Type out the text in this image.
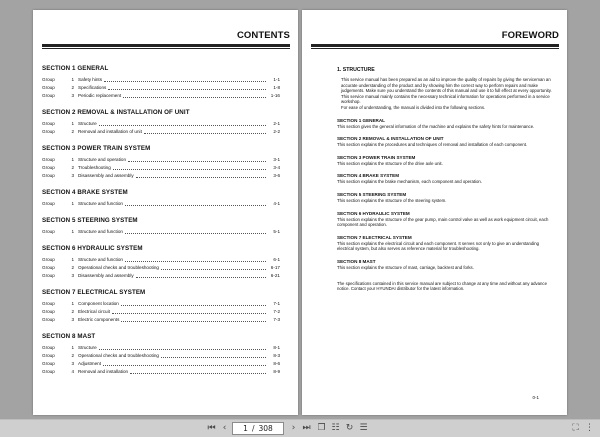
CONTENTS
SECTION 1 GENERAL
Group	1 Safety hints	1-1
Group	2 Specifications	1-8
Group	3 Periodic replacement	1-16
SECTION 2 REMOVAL & INSTALLATION OF UNIT
Group	1 Structure	2-1
Group	2 Removal and installation of unit	2-2
SECTION 3 POWER TRAIN SYSTEM
Group	1 Structure and operation	3-1
Group	2 Troubleshooting	3-4
Group	3 Disassembly and assembly	3-6
SECTION 4 BRAKE SYSTEM
Group	1 Structure and function	4-1
SECTION 5 STEERING SYSTEM
Group	1 Structure and function	5-1
SECTION 6 HYDRAULIC SYSTEM
Group	1 Structure and function	6-1
Group	2 Operational checks and troubleshooting	6-17
Group	3 Disassembly and assembly	6-21
SECTION 7 ELECTRICAL SYSTEM
Group	1 Component location	7-1
Group	2 Electrical circuit	7-2
Group	3 Electric components	7-3
SECTION 8 MAST
Group	1 Structure	8-1
Group	2 Operational checks and troubleshooting	8-3
Group	3 Adjustment	8-6
Group	4 Removal and installation	8-9
FOREWORD
1. STRUCTURE

This service manual has been prepared as an aid to improve the quality of repairs by giving the serviceman an accurate understanding of the product and by showing him the correct way to perform repairs and make judgements. Make sure you understand the contents of this manual and use it to full effect at every opportunity.

This service manual mainly contains the necessary technical information for operations performed in a service workshop.

For ease of understanding, the manual is divided into the following sections.

SECTION 1 GENERAL
This section gives the general information of the machine and explains the safety hints for maintenance.
SECTION 2 REMOVAL & INSTALLATION OF UNIT
This section explains the procedures and techniques of removal and installation of each component.
SECTION 3 POWER TRAIN SYSTEM
This section explains the structure of the drive axle unit.
SECTION 4 BRAKE SYSTEM
This section explains the brake mechanism, each component and operation.
SECTION 5 STEERING SYSTEM
This section explains the structure of the steering system.
SECTION 6 HYDRAULIC SYSTEM
This section explains the structure of the gear pump, main control valve as well as work equipment circuit, each component and operation.
SECTION 7 ELECTRICAL SYSTEM
This section explains the electrical circuit and each component. It serves not only to give an understanding electrical system, but also serves as reference material for troubleshooting.
SECTION 8 MAST
This section explains the structure of mast, carriage, backrest and forks.
The specifications contained in this service manual are subject to change at any time and without any advance notice. Contact your HYUNDAI distributor for the latest information.
0-1
⏮ ‹	1 / 308	› ⏭ ❐ ☷ ↻ ☰	⛶ ⋮
